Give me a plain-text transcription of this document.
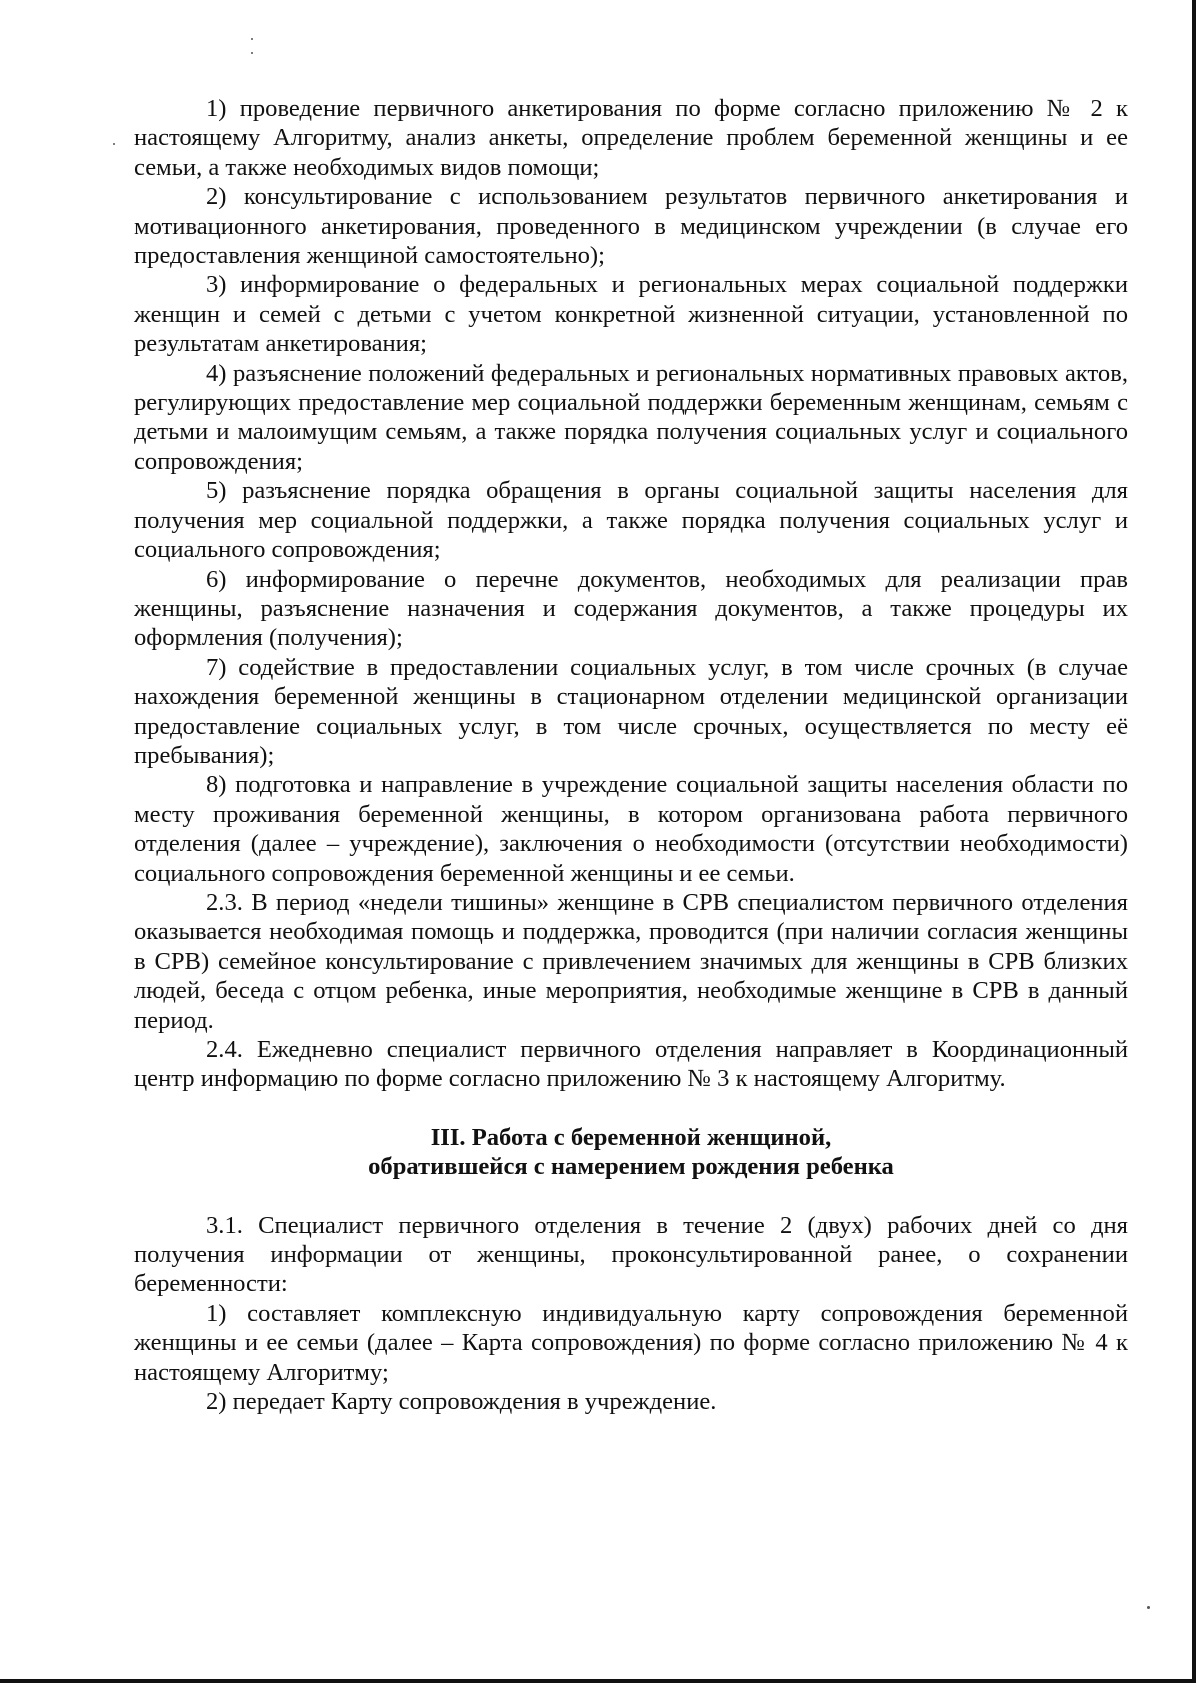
1) проведение первичного анкетирования по форме согласно приложению № 2 к настоящему Алгоритму, анализ анкеты, определение проблем беременной женщины и ее семьи, а также необходимых видов помощи;

2) консультирование с использованием результатов первичного анкетирования и мотивационного анкетирования, проведенного в медицинском учреждении (в случае его предоставления женщиной самостоятельно);

3) информирование о федеральных и региональных мерах социальной поддержки женщин и семей с детьми с учетом конкретной жизненной ситуации, установленной по результатам анкетирования;

4) разъяснение положений федеральных и региональных нормативных правовых актов, регулирующих предоставление мер социальной поддержки беременным женщинам, семьям с детьми и малоимущим семьям, а также порядка получения социальных услуг и социального сопровождения;

5) разъяснение порядка обращения в органы социальной защиты населения для получения мер социальной поддержки, а также порядка получения социальных услуг и социального сопровождения;

6) информирование о перечне документов, необходимых для реализации прав женщины, разъяснение назначения и содержания документов, а также процедуры их оформления (получения);

7) содействие в предоставлении социальных услуг, в том числе срочных (в случае нахождения беременной женщины в стационарном отделении медицинской организации предоставление социальных услуг, в том числе срочных, осуществляется по месту её пребывания);

8) подготовка и направление в учреждение социальной защиты населения области по месту проживания беременной женщины, в котором организована работа первичного отделения (далее – учреждение), заключения о необходимости (отсутствии необходимости) социального сопровождения беременной женщины и ее семьи.

2.3. В период «недели тишины» женщине в СРВ специалистом первичного отделения оказывается необходимая помощь и поддержка, проводится (при наличии согласия женщины в СРВ) семейное консультирование с привлечением значимых для женщины в СРВ близких людей, беседа с отцом ребенка, иные мероприятия, необходимые женщине в СРВ в данный период.

2.4. Ежедневно специалист первичного отделения направляет в Координационный центр информацию по форме согласно приложению № 3 к настоящему Алгоритму.

III. Работа с беременной женщиной,

обратившейся с намерением рождения ребенка

3.1. Специалист первичного отделения в течение 2 (двух) рабочих дней со дня получения информации от женщины, проконсультированной ранее, о сохранении беременности:

1) составляет комплексную индивидуальную карту сопровождения беременной женщины и ее семьи (далее – Карта сопровождения) по форме согласно приложению № 4 к настоящему Алгоритму;

2) передает Карту сопровождения в учреждение.
